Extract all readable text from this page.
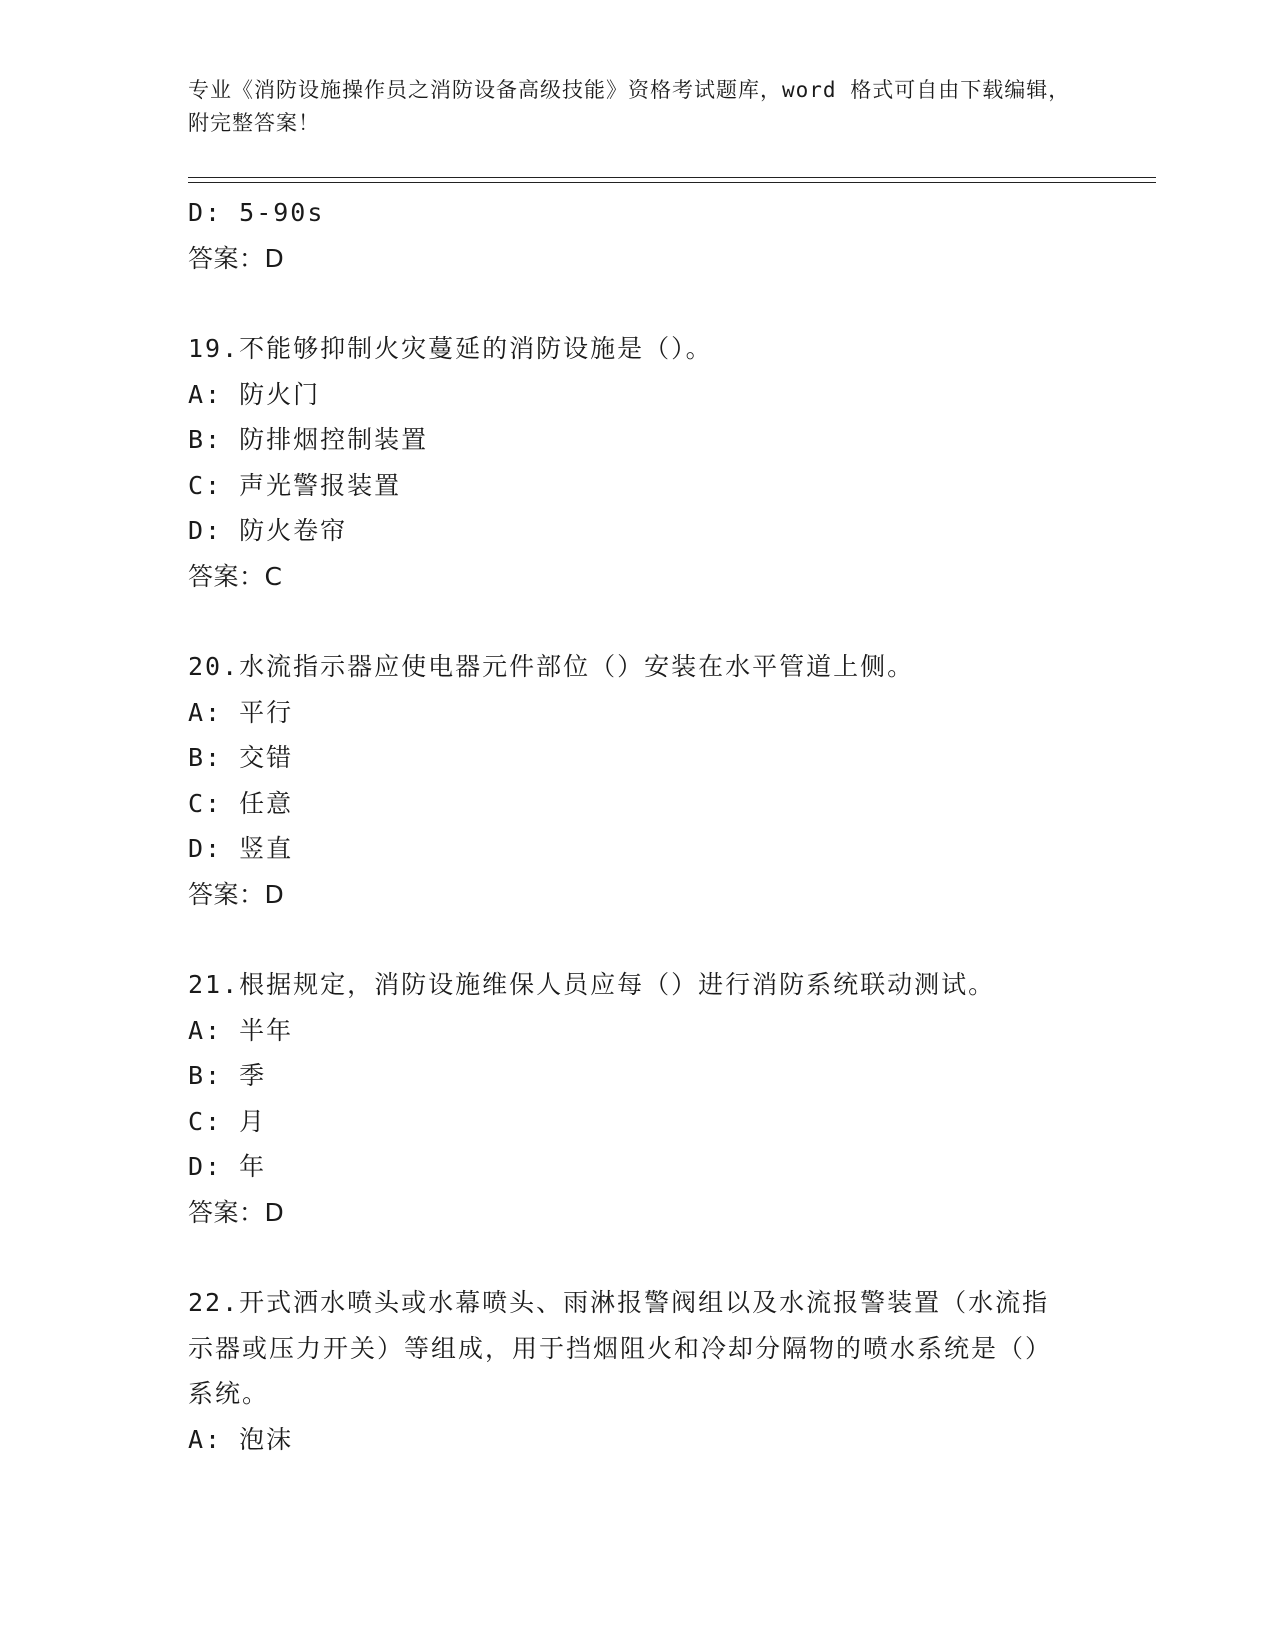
专业《消防设施操作员之消防设备高级技能》资格考试题库，word 格式可自由下载编辑，附完整答案！
D: 5-90s
答案：D
19.不能够抑制火灾蔓延的消防设施是（）。
A: 防火门
B: 防排烟控制装置
C: 声光警报装置
D: 防火卷帘
答案：C
20.水流指示器应使电器元件部位（）安装在水平管道上侧。
A: 平行
B: 交错
C: 任意
D: 竖直
答案：D
21.根据规定，消防设施维保人员应每（）进行消防系统联动测试。
A: 半年
B: 季
C: 月
D: 年
答案：D
22.开式洒水喷头或水幕喷头、雨淋报警阀组以及水流报警装置（水流指示器或压力开关）等组成，用于挡烟阻火和冷却分隔物的喷水系统是（）系统。
A: 泡沫
